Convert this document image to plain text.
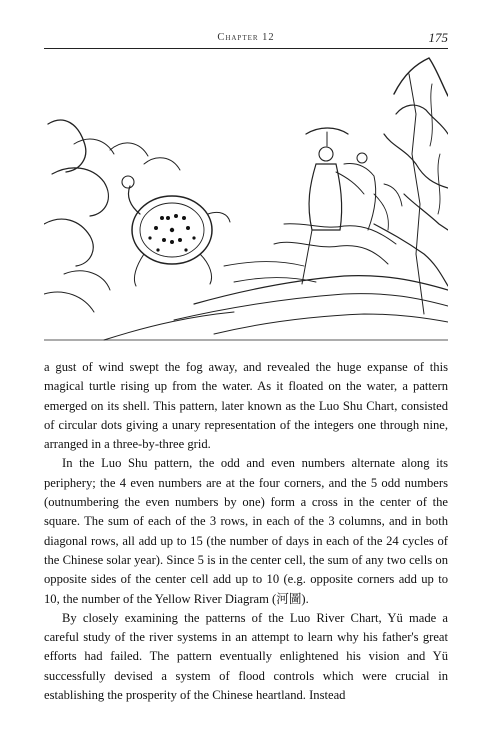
Chapter 12	175

a gust of wind swept the fog away, and revealed the huge expanse of this magical turtle rising up from the water. As it floated on the water, a pattern emerged on its shell. This pattern, later known as the Luo Shu Chart, consisted of circular dots giving a unary representation of the integers one through nine, arranged in a three-by-three grid.

In the Luo Shu pattern, the odd and even numbers alternate along its periphery; the 4 even numbers are at the four corners, and the 5 odd numbers (outnumbering the even numbers by one) form a cross in the center of the square. The sum of each of the 3 rows, in each of the 3 columns, and in both diagonal rows, all add up to 15 (the number of days in each of the 24 cycles of the Chinese solar year). Since 5 is in the center cell, the sum of any two cells on opposite sides of the center cell add up to 10 (e.g. opposite corners add up to 10, the number of the Yellow River Diagram (河圖).

By closely examining the patterns of the Luo River Chart, Yü made a careful study of the river systems in an attempt to learn why his father's great efforts had failed. The pattern eventually enlightened his vision and Yü successfully devised a system of flood controls which were crucial in establishing the prosperity of the Chinese heartland. Instead
